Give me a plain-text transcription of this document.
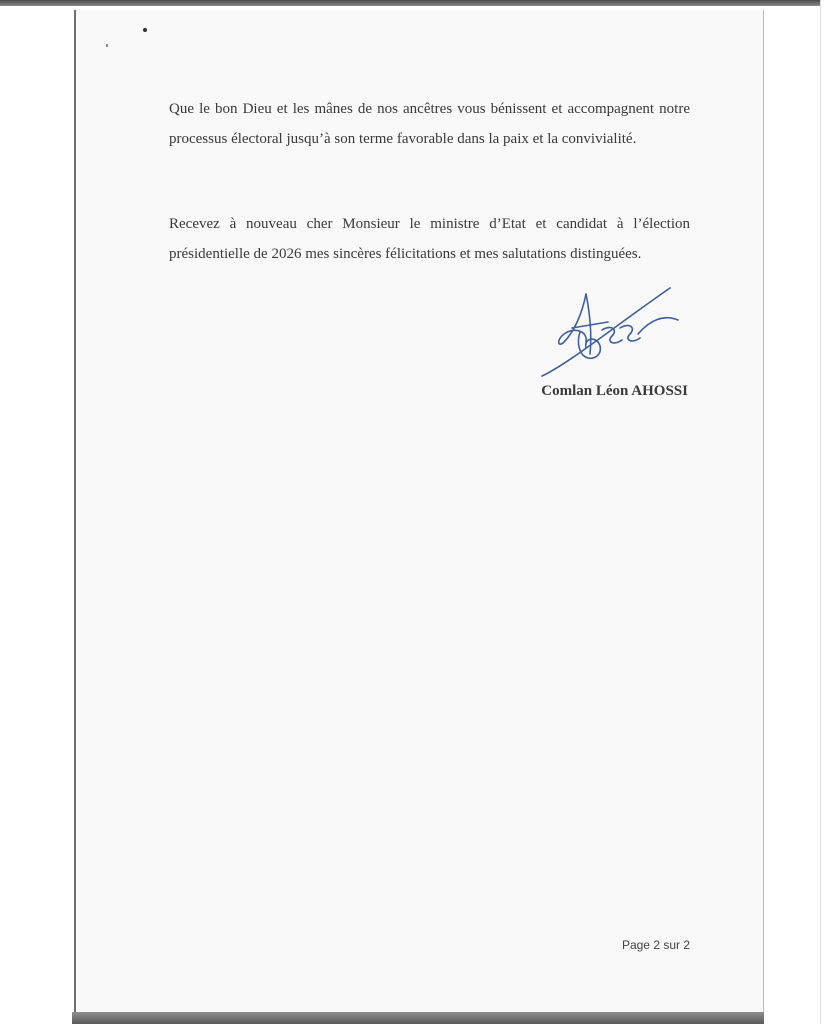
Que le bon Dieu et les mânes de nos ancêtres vous bénissent et accompagnent notre processus électoral jusqu’à son terme favorable dans la paix et la convivialité.

Recevez à nouveau cher Monsieur le ministre d’Etat et candidat à l’élection présidentielle de 2026 mes sincères félicitations et mes salutations distinguées.

Comlan Léon AHOSSI

Page 2 sur 2
